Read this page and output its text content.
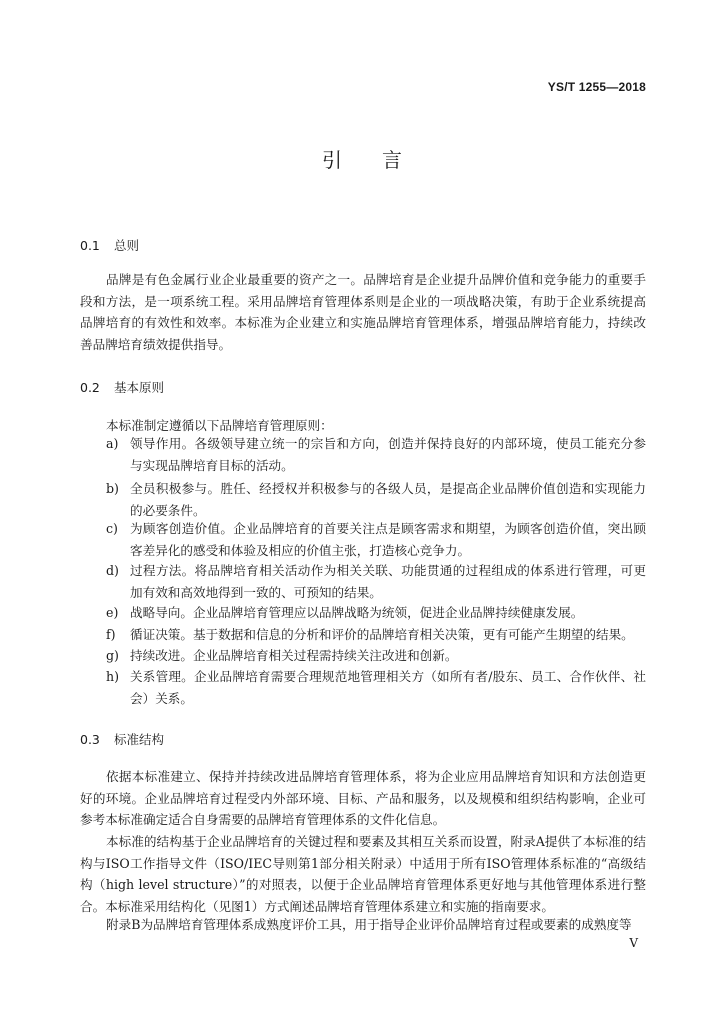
YS/T 1255—2018
引言
0.1 总则

品牌是有色金属行业企业最重要的资产之一。品牌培育是企业提升品牌价值和竞争能力的重要手段和方法，是一项系统工程。采用品牌培育管理体系则是企业的一项战略决策，有助于企业系统提高品牌培育的有效性和效率。本标准为企业建立和实施品牌培育管理体系，增强品牌培育能力，持续改善品牌培育绩效提供指导。

0.2 基本原则
本标准制定遵循以下品牌培育管理原则：
a) 领导作用。各级领导建立统一的宗旨和方向，创造并保持良好的内部环境，使员工能充分参与实现品牌培育目标的活动。
b) 全员积极参与。胜任、经授权并积极参与的各级人员，是提高企业品牌价值创造和实现能力的必要条件。
c) 为顾客创造价值。企业品牌培育的首要关注点是顾客需求和期望，为顾客创造价值，突出顾客差异化的感受和体验及相应的价值主张，打造核心竞争力。
d) 过程方法。将品牌培育相关活动作为相关关联、功能贯通的过程组成的体系进行管理，可更加有效和高效地得到一致的、可预知的结果。
e) 战略导向。企业品牌培育管理应以品牌战略为统领，促进企业品牌持续健康发展。
f) 循证决策。基于数据和信息的分析和评价的品牌培育相关决策，更有可能产生期望的结果。
g) 持续改进。企业品牌培育相关过程需持续关注改进和创新。
h) 关系管理。企业品牌培育需要合理规范地管理相关方（如所有者/股东、员工、合作伙伴、社会）关系。
0.3 标准结构

依据本标准建立、保持并持续改进品牌培育管理体系，将为企业应用品牌培育知识和方法创造更好的环境。企业品牌培育过程受内外部环境、目标、产品和服务，以及规模和组织结构影响，企业可参考本标准确定适合自身需要的品牌培育管理体系的文件化信息。

本标准的结构基于企业品牌培育的关键过程和要素及其相互关系而设置，附录A提供了本标准的结构与ISO工作指导文件（ISO/IEC导则第1部分相关附录）中适用于所有ISO管理体系标准的“高级结构（high level structure）”的对照表，以便于企业品牌培育管理体系更好地与其他管理体系进行整合。本标准采用结构化（见图1）方式阐述品牌培育管理体系建立和实施的指南要求。

附录B为品牌培育管理体系成熟度评价工具，用于指导企业评价品牌培育过程或要素的成熟度等

V
